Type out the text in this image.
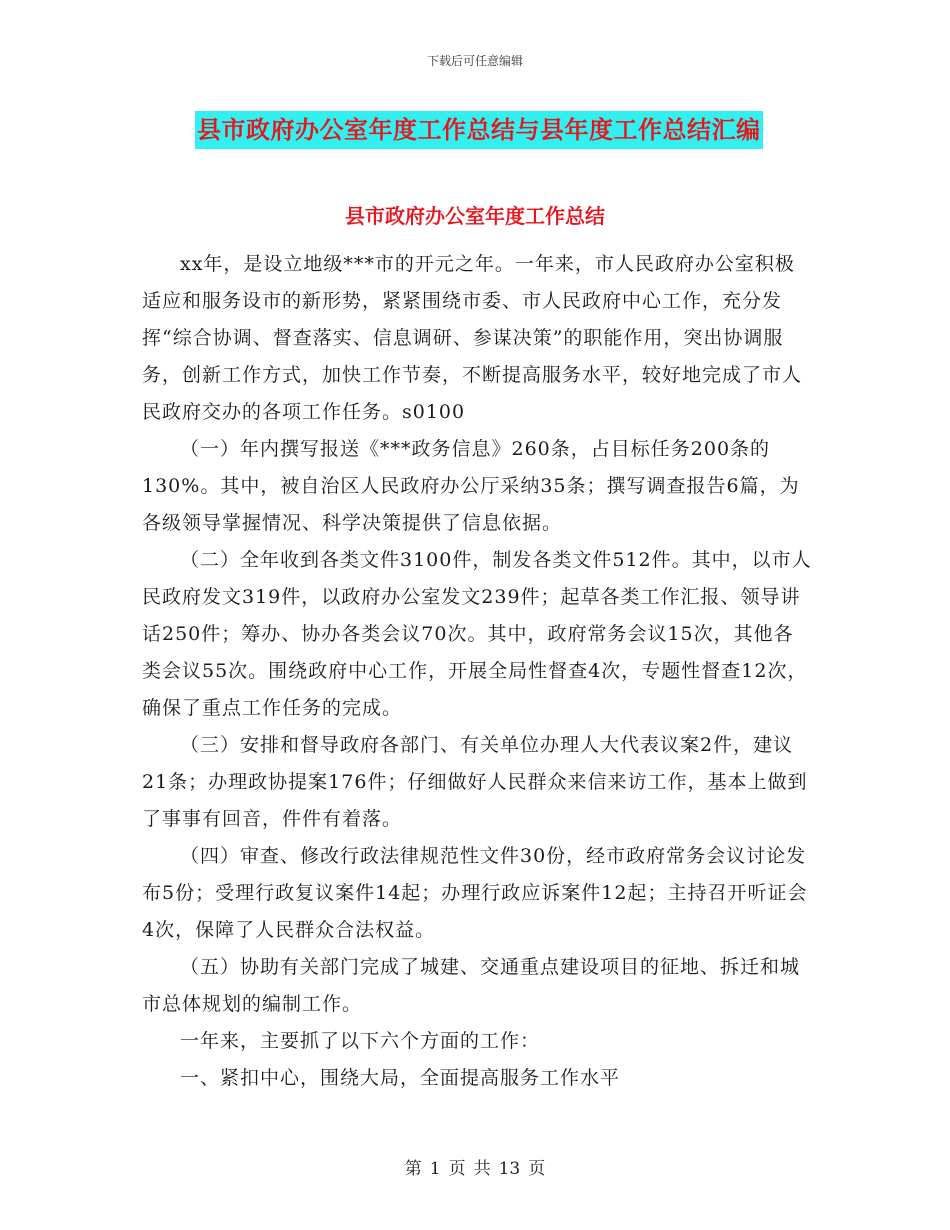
下载后可任意编辑
县市政府办公室年度工作总结与县年度工作总结汇编
县市政府办公室年度工作总结

xx年，是设立地级***市的开元之年。一年来，市人民政府办公室积极适应和服务设市的新形势，紧紧围绕市委、市人民政府中心工作，充分发挥“综合协调、督查落实、信息调研、参谋决策”的职能作用，突出协调服务，创新工作方式，加快工作节奏，不断提高服务水平，较好地完成了市人民政府交办的各项工作任务。s0100

（一）年内撰写报送《***政务信息》260条，占目标任务200条的130%。其中，被自治区人民政府办公厅采纳35条；撰写调查报告6篇，为各级领导掌握情况、科学决策提供了信息依据。

（二）全年收到各类文件3100件，制发各类文件512件。其中，以市人民政府发文319件，以政府办公室发文239件；起草各类工作汇报、领导讲话250件；筹办、协办各类会议70次。其中，政府常务会议15次，其他各类会议55次。围绕政府中心工作，开展全局性督查4次，专题性督查12次，确保了重点工作任务的完成。

（三）安排和督导政府各部门、有关单位办理人大代表议案2件，建议21条；办理政协提案176件；仔细做好人民群众来信来访工作，基本上做到了事事有回音，件件有着落。

（四）审查、修改行政法律规范性文件30份，经市政府常务会议讨论发布5份；受理行政复议案件14起；办理行政应诉案件12起；主持召开听证会4次，保障了人民群众合法权益。

（五）协助有关部门完成了城建、交通重点建设项目的征地、拆迁和城市总体规划的编制工作。

一年来，主要抓了以下六个方面的工作：

一、紧扣中心，围绕大局，全面提高服务工作水平

第 1 页 共 13 页
